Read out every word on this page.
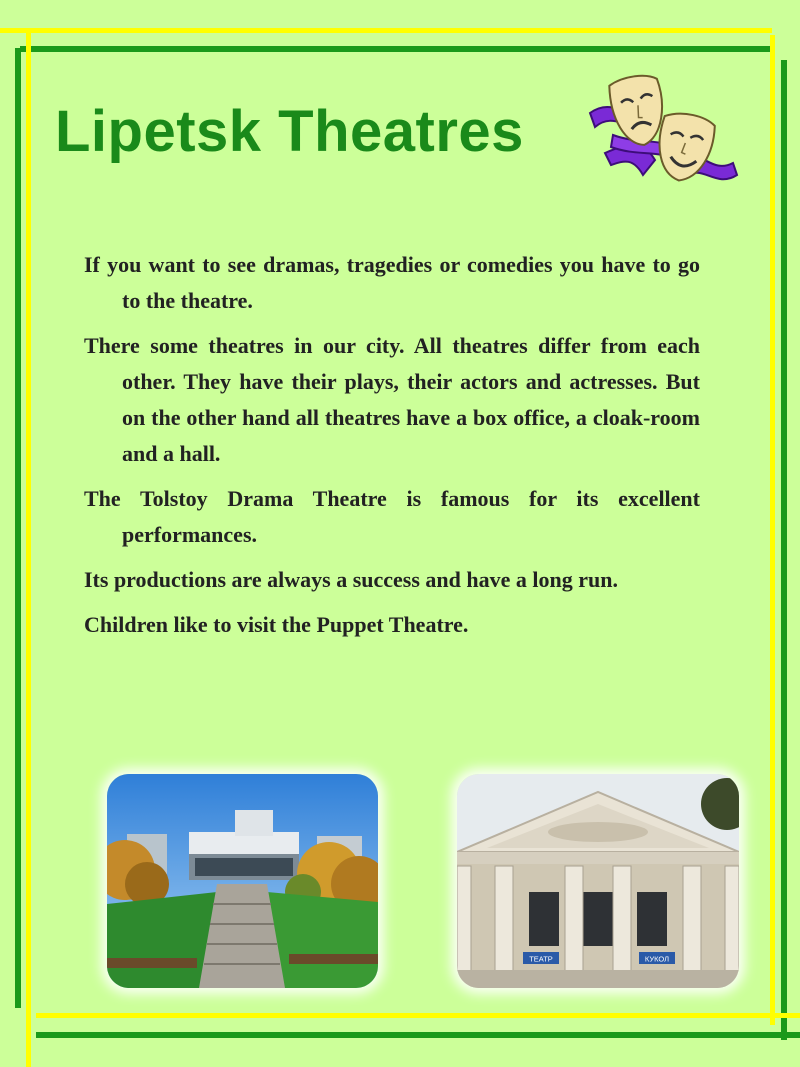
Lipetsk Theatres
If you want to see dramas, tragedies or comedies you have to go to the theatre.
There some theatres in our city. All theatres differ from each other. They have their plays, their actors and actresses. But on the other hand all theatres have a box office, a cloak-room and a hall.
The Tolstoy Drama Theatre is famous for its excellent performances.
Its productions are always a success and have a long run.
Children like to visit the Puppet Theatre.
ТЕАТР	КУКОЛ
